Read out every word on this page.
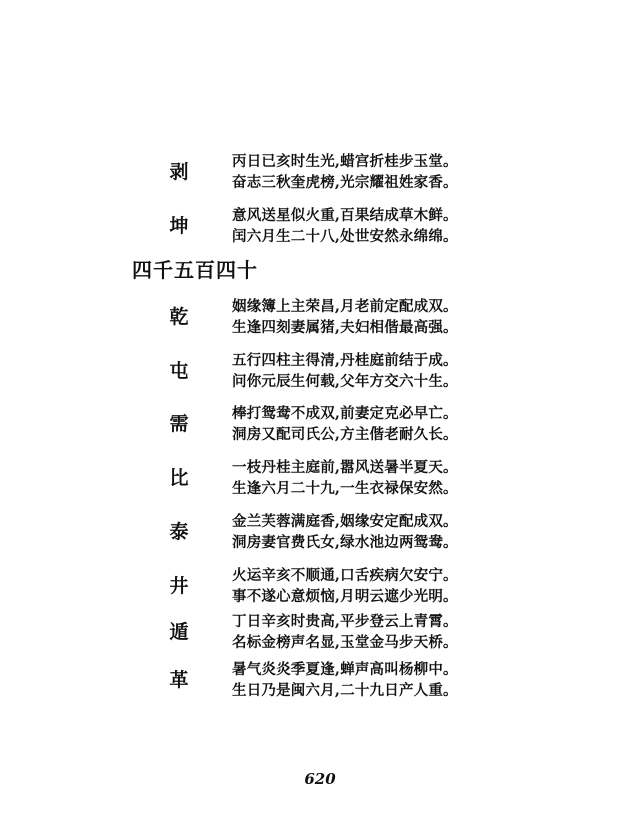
剥	丙日已亥时生光,蜡宫折桂步玉堂。
奋志三秋奎虎榜,光宗耀祖姓家香。
坤	意风送星似火重,百果结成草木鲜。
闰六月生二十八,处世安然永绵绵。
四千五百四十
乾	姻缘簿上主荣昌,月老前定配成双。
生逢四刻妻属猪,夫妇相偕最高强。
屯	五行四柱主得清,丹桂庭前结于成。
问你元辰生何载,父年方交六十生。
需	棒打鸳鸯不成双,前妻定克必早亡。
洞房又配司氏公,方主偕老耐久长。
比	一枝丹桂主庭前,嚣风送暑半夏天。
生逢六月二十九,一生衣禄保安然。
泰	金兰芙蓉满庭香,姻缘安定配成双。
洞房妻官费氏女,绿水池边两鸳鸯。
井	火运辛亥不顺通,口舌疾病欠安宁。
事不遂心意烦恼,月明云遮少光明。
遁	丁日辛亥时贵高,平步登云上青霄。
名标金榜声名显,玉堂金马步天桥。
革	暑气炎炎季夏逢,蝉声高叫杨柳中。
生日乃是闽六月,二十九日产人重。
620
